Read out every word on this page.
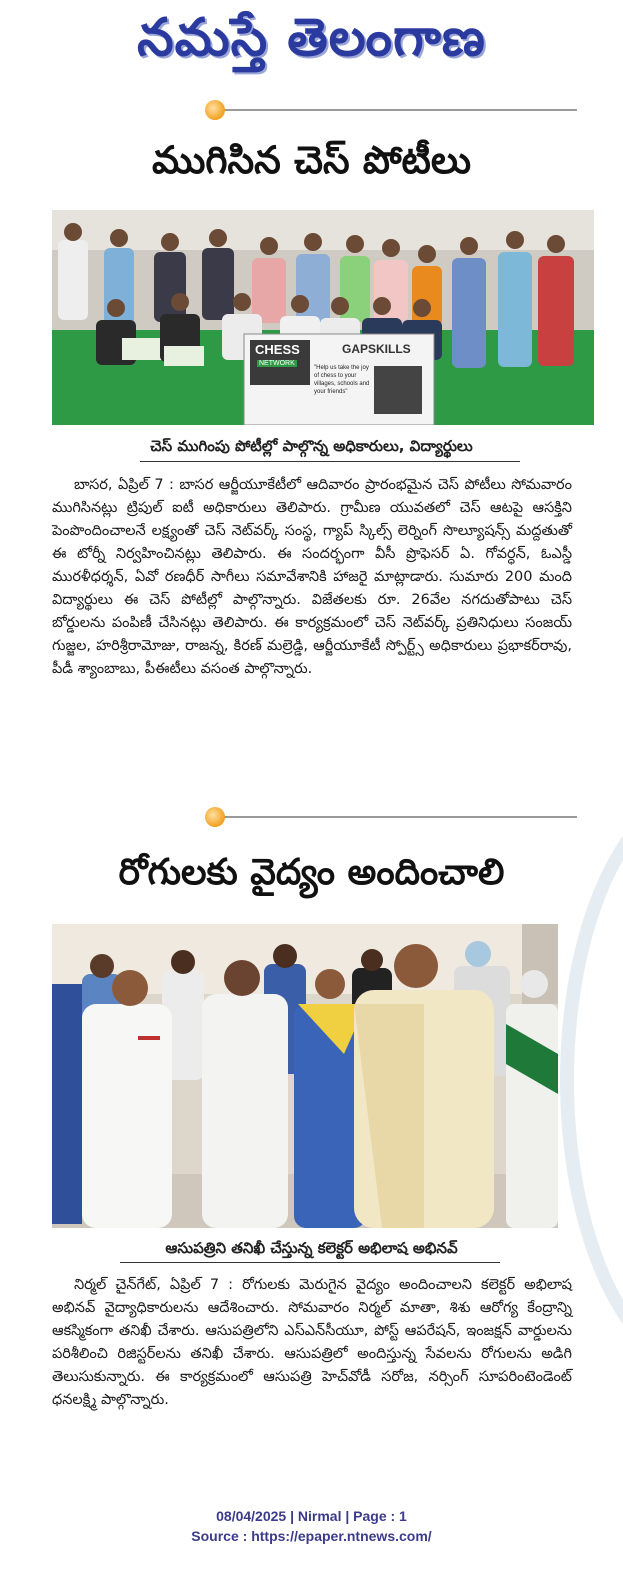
నమస్తే తెలంగాణ
ముగిసిన చెస్ పోటీలు
CHESS
NETWORK
GAPSKILLS
"Help us take the joy of chess to your villages, schools and your friends"
చెస్ ముగింపు పోటీల్లో పాల్గొన్న అధికారులు, విద్యార్థులు

బాసర, ఏప్రిల్ 7 : బాసర ఆర్జీయూకేటీలో ఆదివారం ప్రారంభమైన చెస్ పోటీలు సోమవారం ముగిసినట్లు ట్రిపుల్ ఐటీ అధికారులు తెలిపారు. గ్రామీణ యువతలో చెస్ ఆటపై ఆసక్తిని పెంపొందించాలనే లక్ష్యంతో చెస్ నెట్‌వర్క్ సంస్థ, గ్యాప్ స్కిల్స్ లెర్నింగ్ సొల్యూషన్స్ మద్దతుతో ఈ టోర్నీ నిర్వహించినట్లు తెలిపారు. ఈ సందర్భంగా వీసీ ప్రొఫెసర్ ఏ. గోవర్ధన్, ఓఎస్డీ మురళీధర్శన్, ఏవో రణధీర్ సాగీలు సమావేశానికి హాజరై మాట్లాడారు. సుమారు 200 మంది విద్యార్థులు ఈ చెస్ పోటీల్లో పాల్గొన్నారు. విజేతలకు రూ. 26వేల నగదుతోపాటు చెస్ బోర్డులను పంపిణీ చేసినట్లు తెలిపారు. ఈ కార్యక్రమంలో చెస్ నెట్‌వర్క్ ప్రతినిధులు సంజయ్ గుజ్జల, హరిశ్రీరామోజు, రాజన్న, కిరణ్ మల్రెడ్డి, ఆర్జీయూకేటీ స్పోర్ట్స్ అధికారులు ప్రభాకర్‌రావు, పీడీ శ్యాంబాబు, పీఈటీలు వసంత పాల్గొన్నారు.

రోగులకు వైద్యం అందించాలి
ఆసుపత్రిని తనిఖీ చేస్తున్న కలెక్టర్ అభిలాష అభినవ్

నిర్మల్ చైన్‌గేట్, ఏప్రిల్ 7 : రోగులకు మెరుగైన వైద్యం అందించాలని కలెక్టర్ అభిలాష అభినవ్ వైద్యాధికారులను ఆదేశించారు. సోమవారం నిర్మల్ మాతా, శిశు ఆరోగ్య కేంద్రాన్ని ఆకస్మికంగా తనిఖీ చేశారు. ఆసుపత్రిలోని ఎస్ఎన్‌సీయూ, పోస్ట్ ఆపరేషన్, ఇంజక్షన్ వార్డులను పరిశీలించి రిజిస్టర్‌లను తనిఖీ చేశారు. ఆసుపత్రిలో అందిస్తున్న సేవలను రోగులను అడిగి తెలుసుకున్నారు. ఈ కార్యక్రమంలో ఆసుపత్రి హెచ్‌వోడీ సరోజ, నర్సింగ్ సూపరింటెండెంట్ ధనలక్ష్మి పాల్గొన్నారు.

08/04/2025 | Nirmal | Page : 1
Source : https://epaper.ntnews.com/
